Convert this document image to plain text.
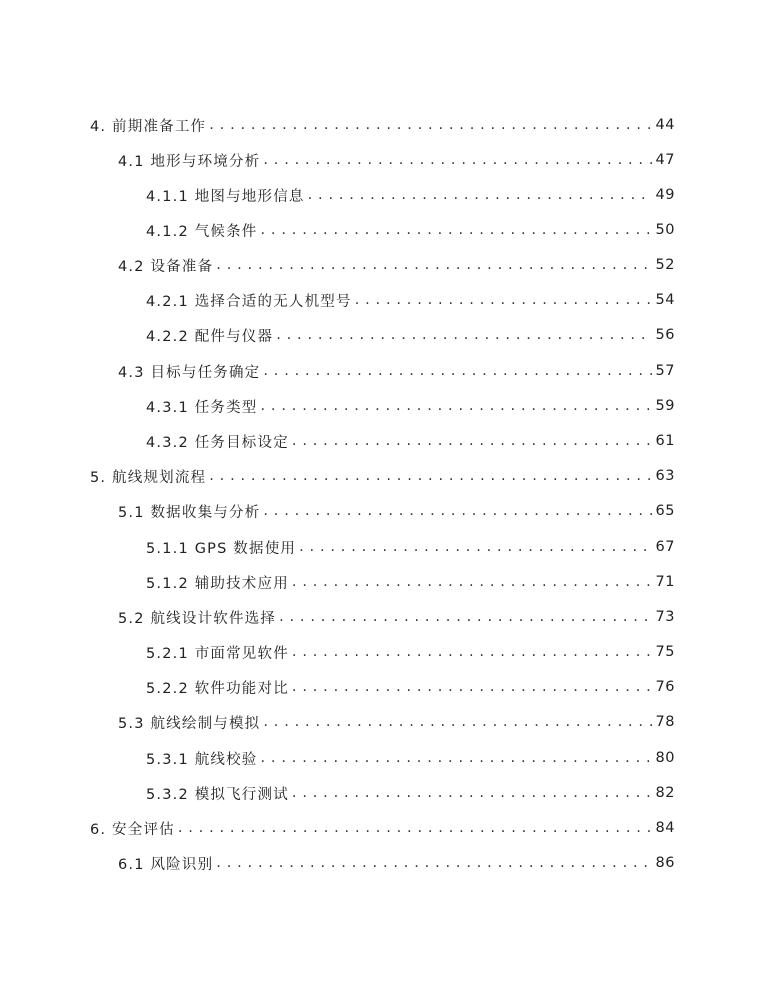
4. 前期准备工作 . . .	44
4.1 地形与环境分析 . . .	47
4.1.1 地图与地形信息 . . .	49
4.1.2 气候条件 . . .	50
4.2 设备准备 . . .	52
4.2.1 选择合适的无人机型号 . . .	54
4.2.2 配件与仪器 . . .	56
4.3 目标与任务确定 . . .	57
4.3.1 任务类型 . . .	59
4.3.2 任务目标设定 . . .	61
5. 航线规划流程 . . .	63
5.1 数据收集与分析 . . .	65
5.1.1 GPS 数据使用 . . .	67
5.1.2 辅助技术应用 . . .	71
5.2 航线设计软件选择 . . .	73
5.2.1 市面常见软件 . . .	75
5.2.2 软件功能对比 . . .	76
5.3 航线绘制与模拟 . . .	78
5.3.1 航线校验 . . .	80
5.3.2 模拟飞行测试 . . .	82
6. 安全评估 . . .	84
6.1 风险识别 . . .	86
